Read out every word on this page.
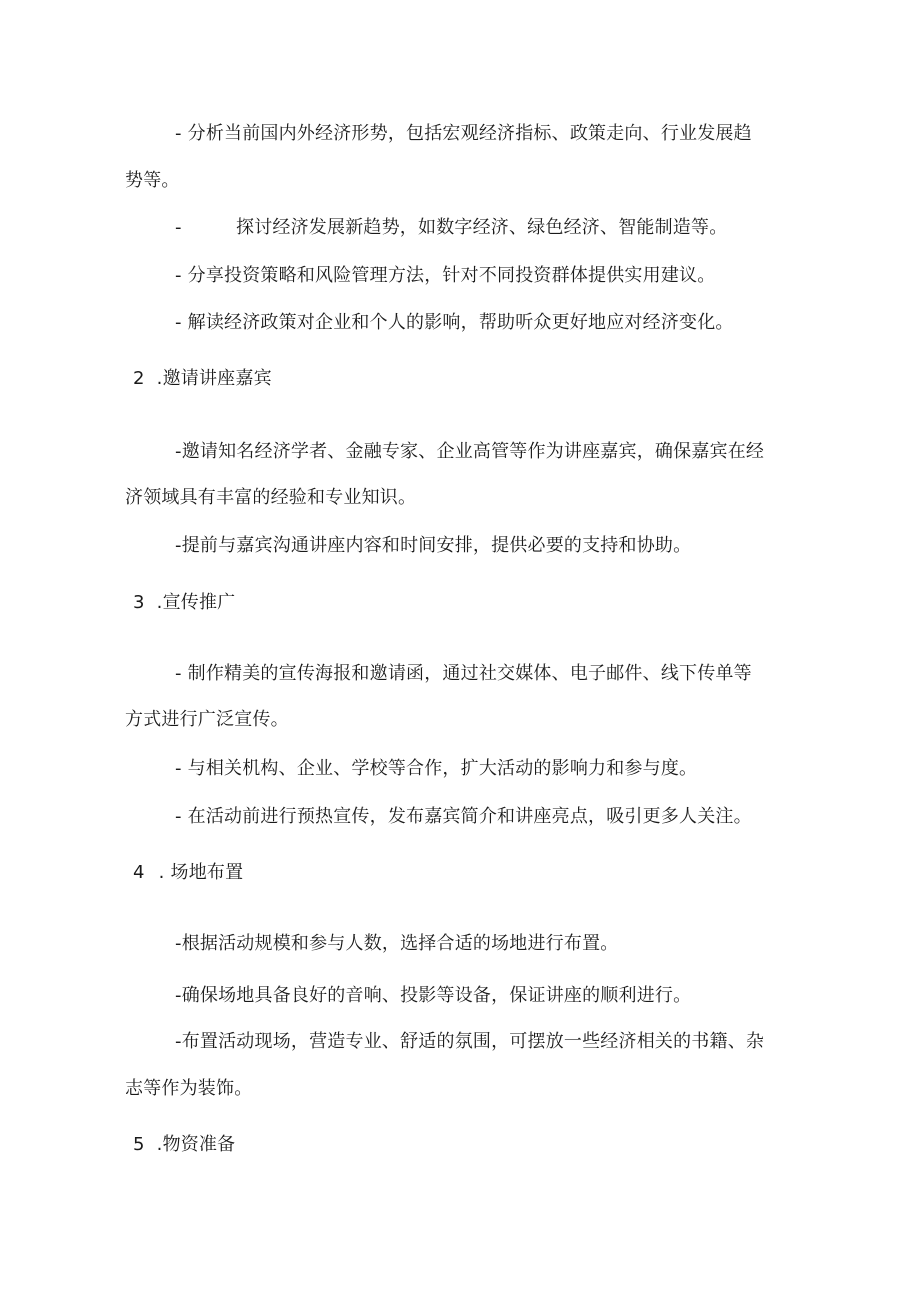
- 分析当前国内外经济形势，包括宏观经济指标、政策走向、行业发展趋
势等。
-	探讨经济发展新趋势，如数字经济、绿色经济、智能制造等。
- 分享投资策略和风险管理方法，针对不同投资群体提供实用建议。
- 解读经济政策对企业和个人的影响，帮助听众更好地应对经济变化。
2 .邀请讲座嘉宾
-邀请知名经济学者、金融专家、企业高管等作为讲座嘉宾，确保嘉宾在经
济领域具有丰富的经验和专业知识。
-提前与嘉宾沟通讲座内容和时间安排，提供必要的支持和协助。
3 .宣传推广
- 制作精美的宣传海报和邀请函，通过社交媒体、电子邮件、线下传单等
方式进行广泛宣传。
- 与相关机构、企业、学校等合作，扩大活动的影响力和参与度。
- 在活动前进行预热宣传，发布嘉宾简介和讲座亮点，吸引更多人关注。
4 . 场地布置
-根据活动规模和参与人数，选择合适的场地进行布置。
-确保场地具备良好的音响、投影等设备，保证讲座的顺利进行。
-布置活动现场，营造专业、舒适的氛围，可摆放一些经济相关的书籍、杂
志等作为装饰。
5 .物资准备
